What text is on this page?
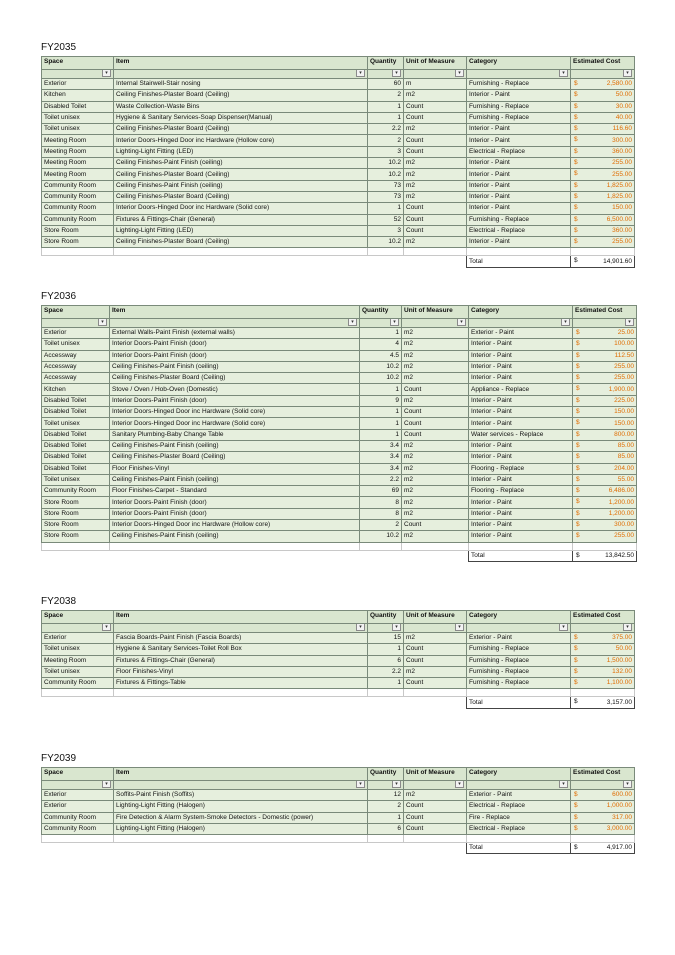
FY2035
Space	Item	Quantity	Unit of Measure	Category	Estimated Cost

▾	▾	▾	▾	▾	▾

Exterior	Internal Stairwell-Stair nosing	60	m	Furnishing - Replace	$ 2,580.00
Kitchen	Ceiling Finishes-Plaster Board (Ceiling)	2	m2	Interior - Paint	$ 50.00
Disabled Toilet	Waste Collection-Waste Bins	1	Count	Furnishing - Replace	$ 30.00
Toilet unisex	Hygiene & Sanitary Services-Soap Dispenser(Manual)	1	Count	Furnishing - Replace	$ 40.00
Toilet unisex	Ceiling Finishes-Plaster Board (Ceiling)	2.2	m2	Interior - Paint	$ 116.60
Meeting Room	Interior Doors-Hinged Door inc Hardware (Hollow core)	2	Count	Interior - Paint	$ 300.00
Meeting Room	Lighting-Light Fitting (LED)	3	Count	Electrical - Replace	$ 360.00
Meeting Room	Ceiling Finishes-Paint Finish (ceiling)	10.2	m2	Interior - Paint	$ 255.00
Meeting Room	Ceiling Finishes-Plaster Board (Ceiling)	10.2	m2	Interior - Paint	$ 255.00
Community Room	Ceiling Finishes-Paint Finish (ceiling)	73	m2	Interior - Paint	$ 1,825.00
Community Room	Ceiling Finishes-Plaster Board (Ceiling)	73	m2	Interior - Paint	$ 1,825.00
Community Room	Interior Doors-Hinged Door inc Hardware (Solid core)	1	Count	Interior - Paint	$ 150.00
Community Room	Fixtures & Fittings-Chair (General)	52	Count	Furnishing - Replace	$ 6,500.00
Store Room	Lighting-Light Fitting (LED)	3	Count	Electrical - Replace	$ 360.00
Store Room	Ceiling Finishes-Plaster Board (Ceiling)	10.2	m2	Interior - Paint	$ 255.00

				Total	$ 14,901.60
FY2036
Space	Item	Quantity	Unit of Measure	Category	Estimated Cost

▾	▾	▾	▾	▾	▾

Exterior	External Walls-Paint Finish (external walls)	1	m2	Exterior - Paint	$ 25.00
Toilet unisex	Interior Doors-Paint Finish (door)	4	m2	Interior - Paint	$ 100.00
Accessway	Interior Doors-Paint Finish (door)	4.5	m2	Interior - Paint	$ 112.50
Accessway	Ceiling Finishes-Paint Finish (ceiling)	10.2	m2	Interior - Paint	$ 255.00
Accessway	Ceiling Finishes-Plaster Board (Ceiling)	10.2	m2	Interior - Paint	$ 255.00
Kitchen	Stove / Oven / Hob-Oven (Domestic)	1	Count	Appliance - Replace	$ 1,900.00
Disabled Toilet	Interior Doors-Paint Finish (door)	9	m2	Interior - Paint	$ 225.00
Disabled Toilet	Interior Doors-Hinged Door inc Hardware (Solid core)	1	Count	Interior - Paint	$ 150.00
Toilet unisex	Interior Doors-Hinged Door inc Hardware (Solid core)	1	Count	Interior - Paint	$ 150.00
Disabled Toilet	Sanitary Plumbing-Baby Change Table	1	Count	Water services - Replace	$ 800.00
Disabled Toilet	Ceiling Finishes-Paint Finish (ceiling)	3.4	m2	Interior - Paint	$ 85.00
Disabled Toilet	Ceiling Finishes-Plaster Board (Ceiling)	3.4	m2	Interior - Paint	$ 85.00
Disabled Toilet	Floor Finishes-Vinyl	3.4	m2	Flooring - Replace	$ 204.00
Toilet unisex	Ceiling Finishes-Paint Finish (ceiling)	2.2	m2	Interior - Paint	$ 55.00
Community Room	Floor Finishes-Carpet - Standard	69	m2	Flooring - Replace	$ 6,486.00
Store Room	Interior Doors-Paint Finish (door)	8	m2	Interior - Paint	$ 1,200.00
Store Room	Interior Doors-Paint Finish (door)	8	m2	Interior - Paint	$ 1,200.00
Store Room	Interior Doors-Hinged Door inc Hardware (Hollow core)	2	Count	Interior - Paint	$ 300.00
Store Room	Ceiling Finishes-Paint Finish (ceiling)	10.2	m2	Interior - Paint	$ 255.00

				Total	$ 13,842.50
FY2038
Space	Item	Quantity	Unit of Measure	Category	Estimated Cost

▾	▾	▾	▾	▾	▾

Exterior	Fascia Boards-Paint Finish (Fascia Boards)	15	m2	Exterior - Paint	$ 375.00
Toilet unisex	Hygiene & Sanitary Services-Toilet Roll Box	1	Count	Furnishing - Replace	$ 50.00
Meeting Room	Fixtures & Fittings-Chair (General)	6	Count	Furnishing - Replace	$ 1,500.00
Toilet unisex	Floor Finishes-Vinyl	2.2	m2	Furnishing - Replace	$ 132.00
Community Room	Fixtures & Fittings-Table	1	Count	Furnishing - Replace	$ 1,100.00

				Total	$ 3,157.00
FY2039
Space	Item	Quantity	Unit of Measure	Category	Estimated Cost

▾	▾	▾	▾	▾	▾

Exterior	Soffits-Paint Finish (Soffits)	12	m2	Exterior - Paint	$ 600.00
Exterior	Lighting-Light Fitting (Halogen)	2	Count	Electrical - Replace	$ 1,000.00
Community Room	Fire Detection & Alarm System-Smoke Detectors - Domestic (power)	1	Count	Fire - Replace	$ 317.00
Community Room	Lighting-Light Fitting (Halogen)	6	Count	Electrical - Replace	$ 3,000.00

				Total	$ 4,917.00
